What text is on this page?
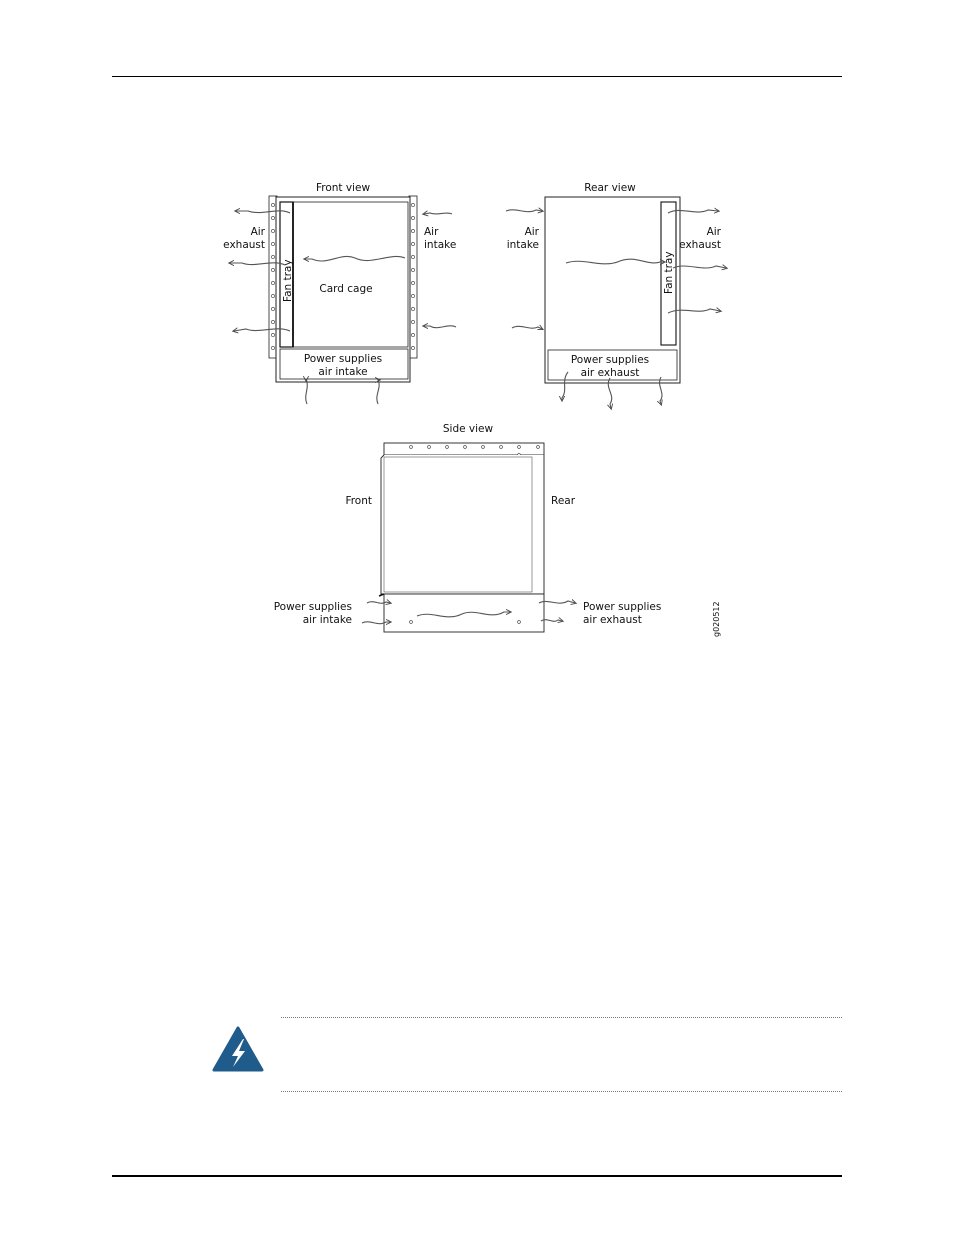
Front view
Fan tray Card cage
Power supplies
air intake
Air
exhaust
Air
intake
Rear view
Fan tray
Power supplies
air exhaust
Air
intake
Air
exhaust
Side view
Front	Rear
Power supplies
air intake
Power supplies
air exhaust	g020512
